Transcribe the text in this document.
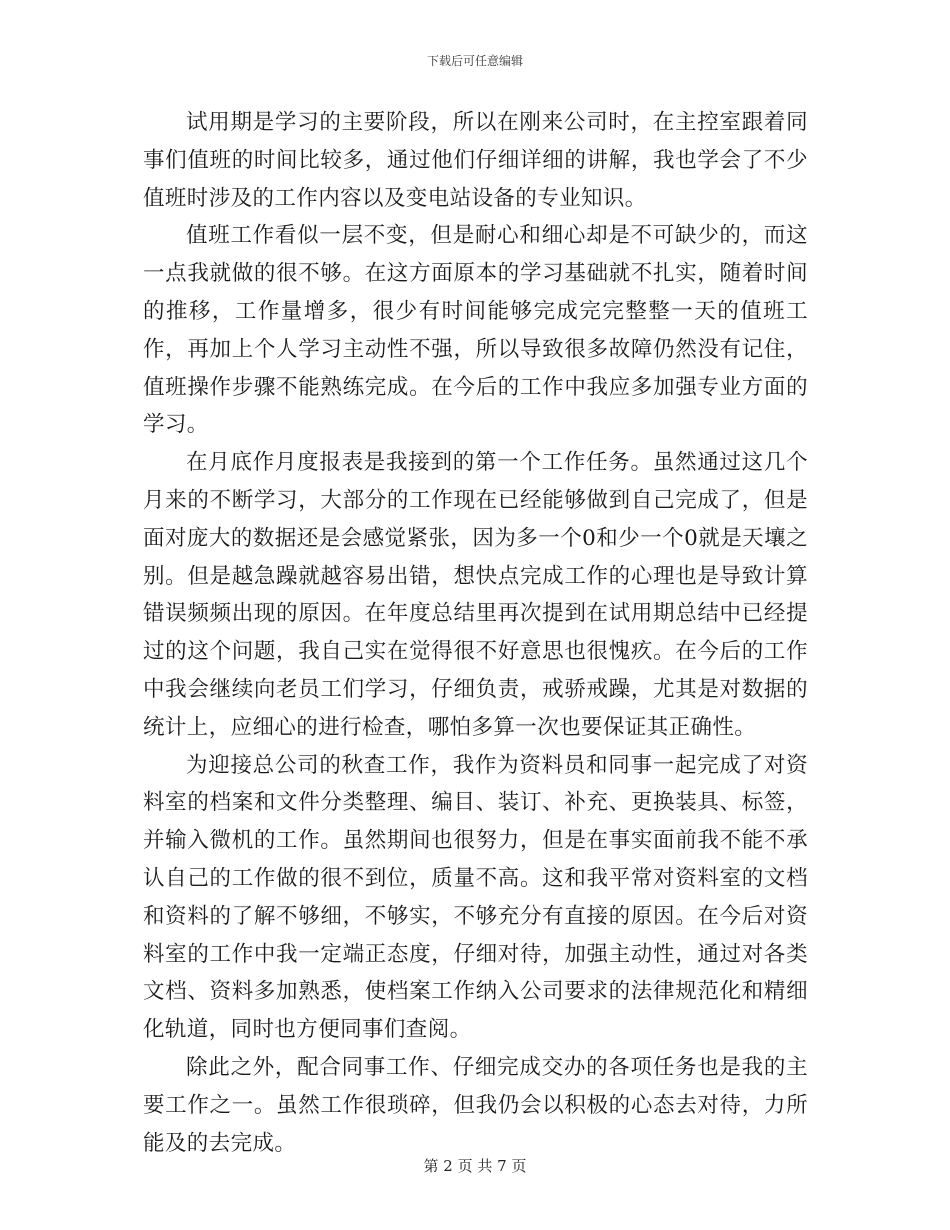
下载后可任意编辑

试用期是学习的主要阶段，所以在刚来公司时，在主控室跟着同事们值班的时间比较多，通过他们仔细详细的讲解，我也学会了不少值班时涉及的工作内容以及变电站设备的专业知识。

值班工作看似一层不变，但是耐心和细心却是不可缺少的，而这一点我就做的很不够。在这方面原本的学习基础就不扎实，随着时间的推移，工作量增多，很少有时间能够完成完完整整一天的值班工作，再加上个人学习主动性不强，所以导致很多故障仍然没有记住，值班操作步骤不能熟练完成。在今后的工作中我应多加强专业方面的学习。

在月底作月度报表是我接到的第一个工作任务。虽然通过这几个月来的不断学习，大部分的工作现在已经能够做到自己完成了，但是面对庞大的数据还是会感觉紧张，因为多一个0和少一个0就是天壤之别。但是越急躁就越容易出错，想快点完成工作的心理也是导致计算错误频频出现的原因。在年度总结里再次提到在试用期总结中已经提过的这个问题，我自己实在觉得很不好意思也很愧疚。在今后的工作中我会继续向老员工们学习，仔细负责，戒骄戒躁，尤其是对数据的统计上，应细心的进行检查，哪怕多算一次也要保证其正确性。

为迎接总公司的秋查工作，我作为资料员和同事一起完成了对资料室的档案和文件分类整理、编目、装订、补充、更换装具、标签，并输入微机的工作。虽然期间也很努力，但是在事实面前我不能不承认自己的工作做的很不到位，质量不高。这和我平常对资料室的文档和资料的了解不够细，不够实，不够充分有直接的原因。在今后对资料室的工作中我一定端正态度，仔细对待，加强主动性，通过对各类文档、资料多加熟悉，使档案工作纳入公司要求的法律规范化和精细化轨道，同时也方便同事们查阅。

除此之外，配合同事工作、仔细完成交办的各项任务也是我的主要工作之一。虽然工作很琐碎，但我仍会以积极的心态去对待，力所能及的去完成。

第 2 页 共 7 页
